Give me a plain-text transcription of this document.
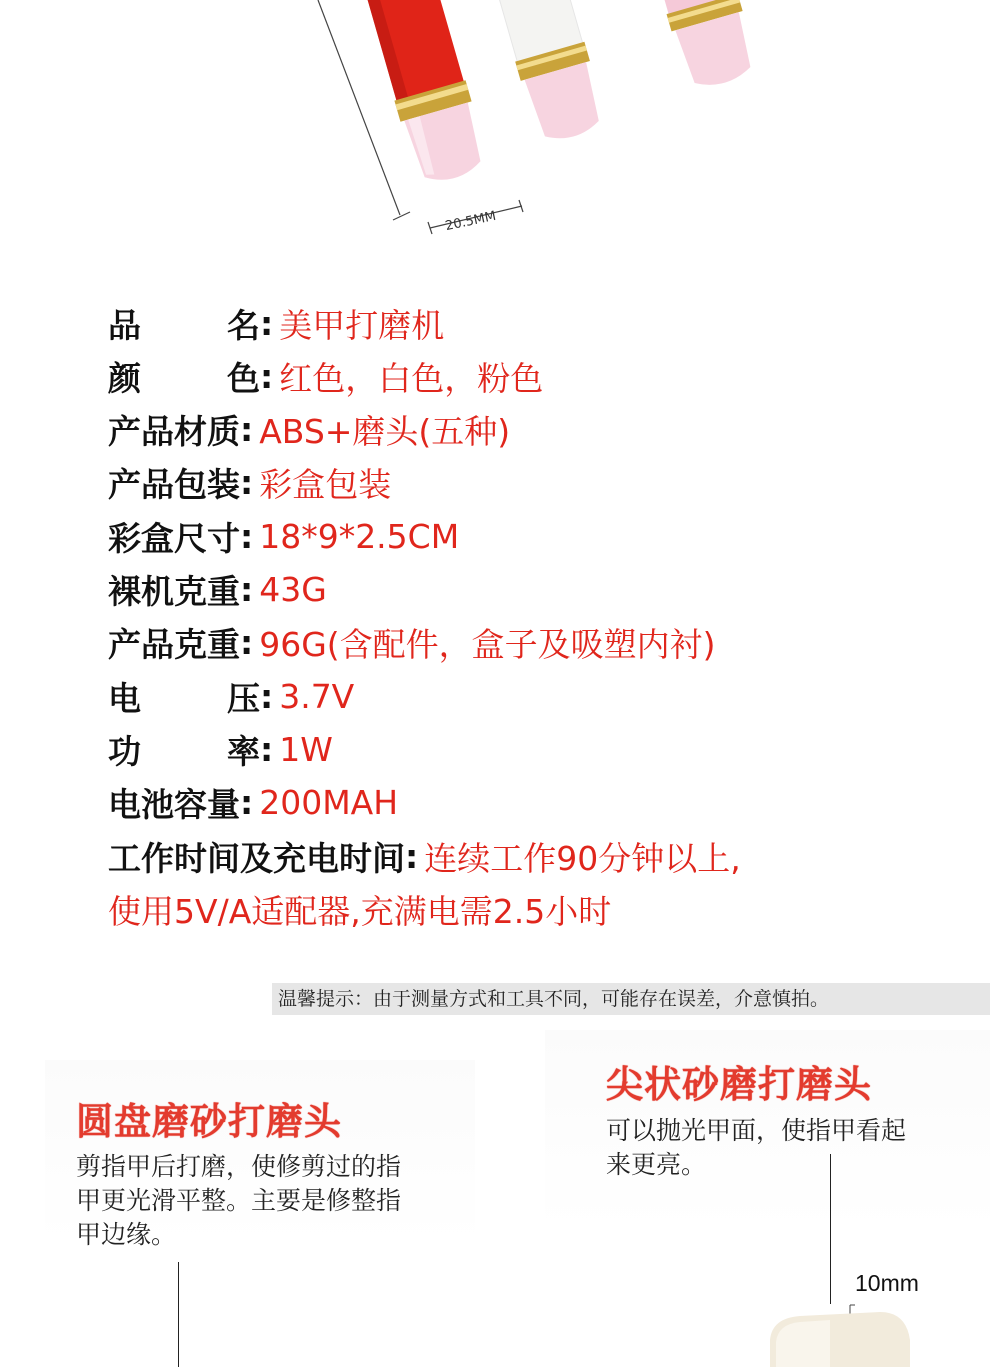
20.5MM
品	名 : 美甲打磨机
颜	色 : 红色，白色，粉色
产品材质 : ABS+磨头(五种)
产品包装 : 彩盒包装
彩盒尺寸 : 18*9*2.5CM
裸机克重 : 43G
产品克重 : 96G(含配件，盒子及吸塑内衬)
电	压 : 3.7V
功	率 : 1W
电池容量 : 200MAH
工作时间及充电时间 : 连续工作90分钟以上,
使用5V/A适配器,充满电需2.5小时
温馨提示：由于测量方式和工具不同，可能存在误差，介意慎拍。
圆盘磨砂打磨头
剪指甲后打磨，使修剪过的指甲更光滑平整。主要是修整指甲边缘。
尖状砂磨打磨头
可以抛光甲面，使指甲看起来更亮。
10mm
